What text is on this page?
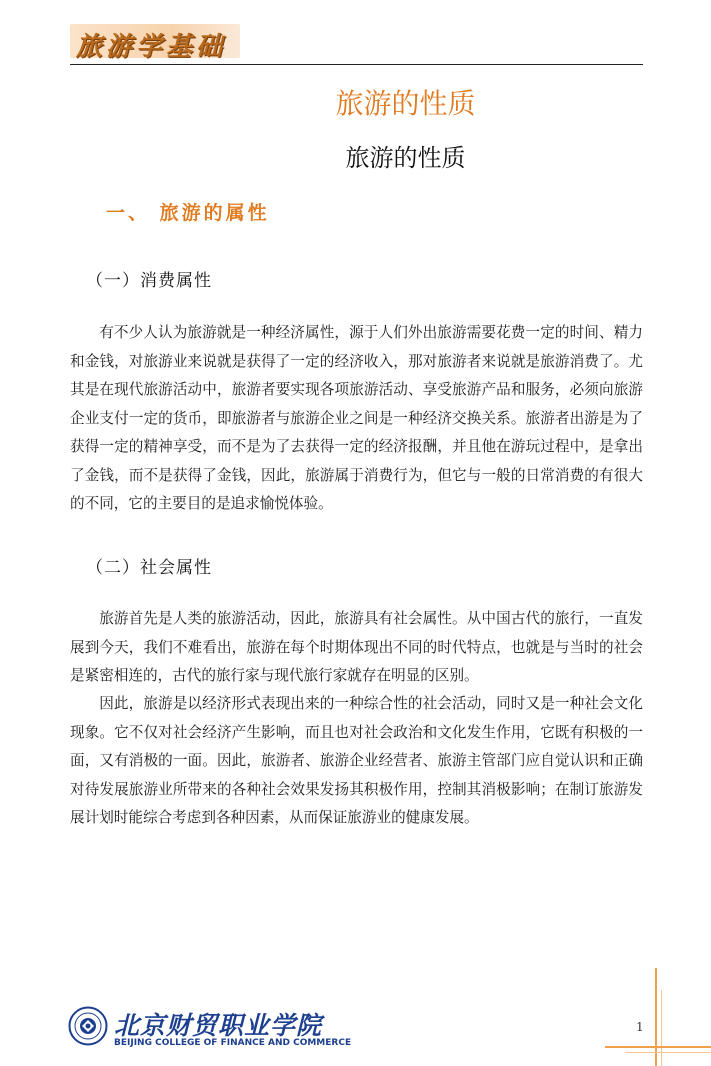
旅游学基础
旅游的性质
旅游的性质
一、 旅游的属性
（一）消费属性

有不少人认为旅游就是一种经济属性，源于人们外出旅游需要花费一定的时间、精力和金钱，对旅游业来说就是获得了一定的经济收入，那对旅游者来说就是旅游消费了。尤其是在现代旅游活动中，旅游者要实现各项旅游活动、享受旅游产品和服务，必须向旅游企业支付一定的货币，即旅游者与旅游企业之间是一种经济交换关系。旅游者出游是为了获得一定的精神享受，而不是为了去获得一定的经济报酬，并且他在游玩过程中，是拿出了金钱，而不是获得了金钱，因此，旅游属于消费行为，但它与一般的日常消费的有很大的不同，它的主要目的是追求愉悦体验。

（二）社会属性

旅游首先是人类的旅游活动，因此，旅游具有社会属性。从中国古代的旅行，一直发展到今天，我们不难看出，旅游在每个时期体现出不同的时代特点，也就是与当时的社会是紧密相连的，古代的旅行家与现代旅行家就存在明显的区别。

因此，旅游是以经济形式表现出来的一种综合性的社会活动，同时又是一种社会文化现象。它不仅对社会经济产生影响，而且也对社会政治和文化发生作用，它既有积极的一面，又有消极的一面。因此，旅游者、旅游企业经营者、旅游主管部门应自觉认识和正确对待发展旅游业所带来的各种社会效果发扬其积极作用，控制其消极影响；在制订旅游发展计划时能综合考虑到各种因素，从而保证旅游业的健康发展。

北京财贸职业学院
BEIJING COLLEGE OF FINANCE AND COMMERCE
1
